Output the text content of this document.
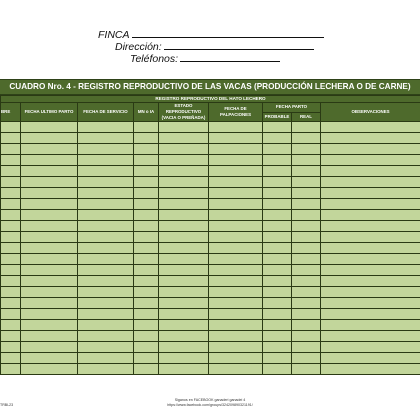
FINCA
Dirección:
Teléfonos:
CUADRO Nro. 4 - REGISTRO REPRODUCTIVO DE LAS VACAS (PRODUCCIÓN LECHERA O DE CARNE)
REGISTRO REPRODUCTIVO DEL HATO LECHERO								
BRE	FECHA ULTIMO PARTO	FECHA DE SERVICIO	MN o IA	ESTADO REPRODUCTIVO (VACIA O PREÑADA)	FECHA DE PALPACIONES	FECHA PARTO		OBSERVACIONES
						PROBABLE	REAL	

TRBL23
Siganos en FACEBOOK ganaderi ganadei 4
https://www.facebook.com/groups/324209890321191/
